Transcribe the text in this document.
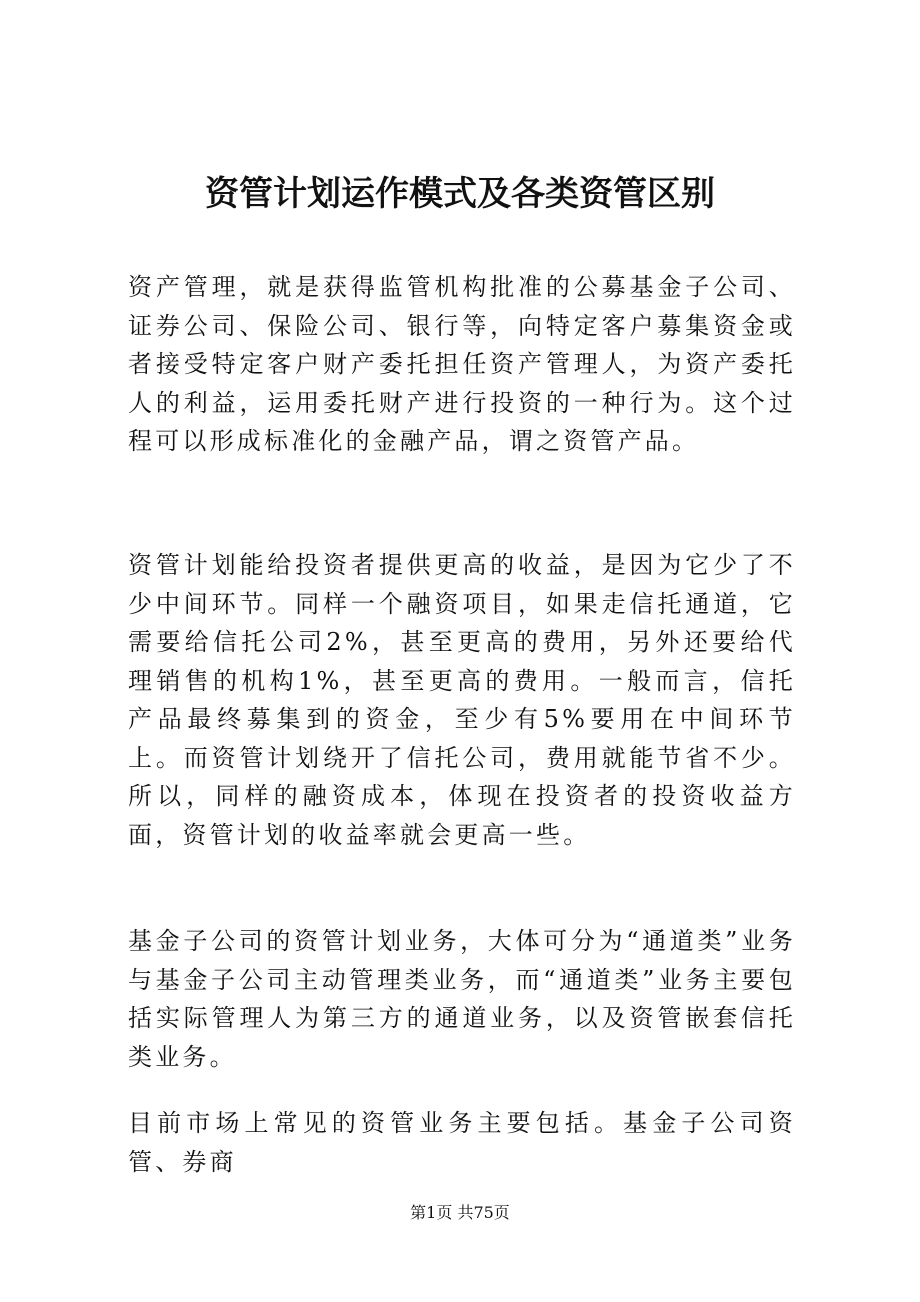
资管计划运作模式及各类资管区别

资产管理，就是获得监管机构批准的公募基金子公司、证券公司、保险公司、银行等，向特定客户募集资金或者接受特定客户财产委托担任资产管理人，为资产委托人的利益，运用委托财产进行投资的一种行为。这个过程可以形成标准化的金融产品，谓之资管产品。

资管计划能给投资者提供更高的收益，是因为它少了不少中间环节。同样一个融资项目，如果走信托通道，它需要给信托公司2%，甚至更高的费用，另外还要给代理销售的机构1%，甚至更高的费用。一般而言，信托产品最终募集到的资金，至少有5%要用在中间环节上。而资管计划绕开了信托公司，费用就能节省不少。所以，同样的融资成本，体现在投资者的投资收益方面，资管计划的收益率就会更高一些。

基金子公司的资管计划业务，大体可分为“通道类”业务与基金子公司主动管理类业务，而“通道类”业务主要包括实际管理人为第三方的通道业务，以及资管嵌套信托类业务。

目前市场上常见的资管业务主要包括。基金子公司资管、券商

第1页 共75页
